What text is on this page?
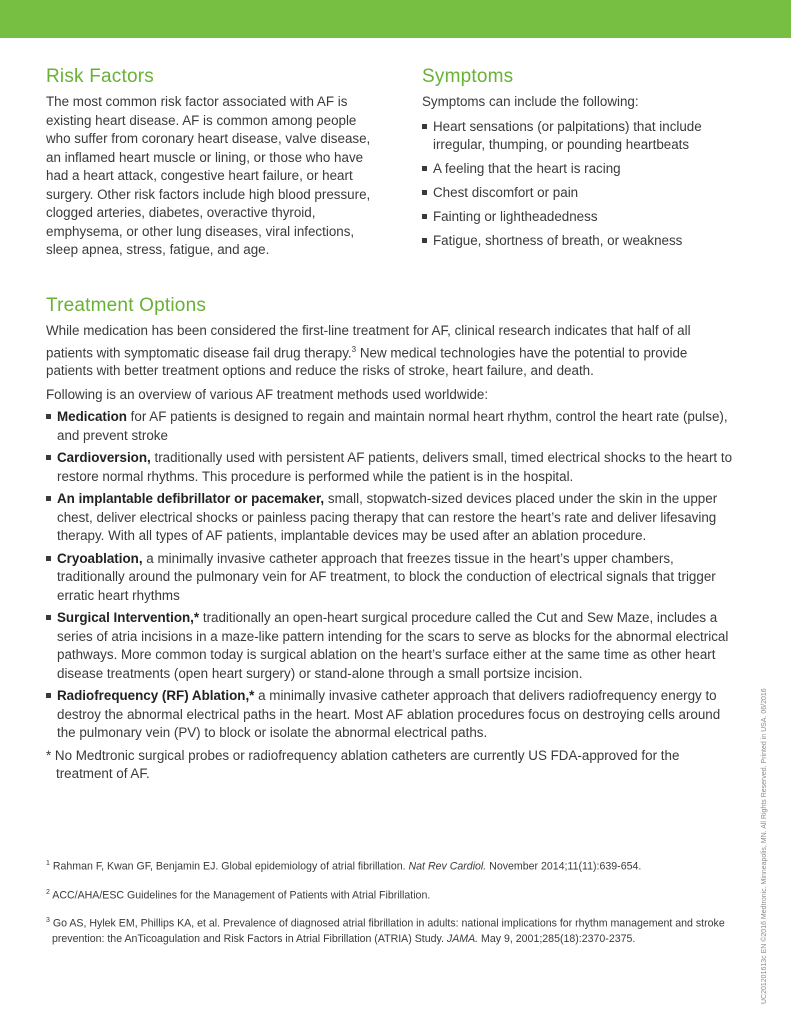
Risk Factors

The most common risk factor associated with AF is existing heart disease. AF is common among people who suffer from coronary heart disease, valve disease, an inflamed heart muscle or lining, or those who have had a heart attack, congestive heart failure, or heart surgery. Other risk factors include high blood pressure, clogged arteries, diabetes, overactive thyroid, emphysema, or other lung diseases, viral infections, sleep apnea, stress, fatigue, and age.

Symptoms

Symptoms can include the following:

Heart sensations (or palpitations) that include irregular, thumping, or pounding heartbeats
A feeling that the heart is racing
Chest discomfort or pain
Fainting or lightheadedness
Fatigue, shortness of breath, or weakness
Treatment Options

While medication has been considered the first-line treatment for AF, clinical research indicates that half of all patients with symptomatic disease fail drug therapy.$^3$ New medical technologies have the potential to provide patients with better treatment options and reduce the risks of stroke, heart failure, and death.

Following is an overview of various AF treatment methods used worldwide:

Medication for AF patients is designed to regain and maintain normal heart rhythm, control the heart rate (pulse), and prevent stroke
Cardioversion, traditionally used with persistent AF patients, delivers small, timed electrical shocks to the heart to restore normal rhythms. This procedure is performed while the patient is in the hospital.
An implantable defibrillator or pacemaker, small, stopwatch-sized devices placed under the skin in the upper chest, deliver electrical shocks or painless pacing therapy that can restore the heart’s rate and deliver lifesaving therapy. With all types of AF patients, implantable devices may be used after an ablation procedure.
Cryoablation, a minimally invasive catheter approach that freezes tissue in the heart’s upper chambers, traditionally around the pulmonary vein for AF treatment, to block the conduction of electrical signals that trigger erratic heart rhythms
Surgical Intervention,* traditionally an open-heart surgical procedure called the Cut and Sew Maze, includes a series of atria incisions in a maze-like pattern intending for the scars to serve as blocks for the abnormal electrical pathways. More common today is surgical ablation on the heart’s surface either at the same time as other heart disease treatments (open heart surgery) or stand-alone through a small portsize incision.
Radiofrequency (RF) Ablation,* a minimally invasive catheter approach that delivers radiofrequency energy to destroy the abnormal electrical paths in the heart. Most AF ablation procedures focus on destroying cells around the pulmonary vein (PV) to block or isolate the abnormal electrical paths.

* No Medtronic surgical probes or radiofrequency ablation catheters are currently US FDA-approved for the treatment of AF.

$^1$ Rahman F, Kwan GF, Benjamin EJ. Global epidemiology of atrial fibrillation. Nat Rev Cardiol. November 2014;11(11):639-654.

$^2$ ACC/AHA/ESC Guidelines for the Management of Patients with Atrial Fibrillation.

$^3$ Go AS, Hylek EM, Phillips KA, et al. Prevalence of diagnosed atrial fibrillation in adults: national implications for rhythm management and stroke prevention: the AnTicoagulation and Risk Factors in Atrial Fibrillation (ATRIA) Study. JAMA. May 9, 2001;285(18):2370-2375.	UC201201613c EN ©2016 Medtronic. Minneapolis, MN. All Rights Reserved. Printed in USA. 06/2016
